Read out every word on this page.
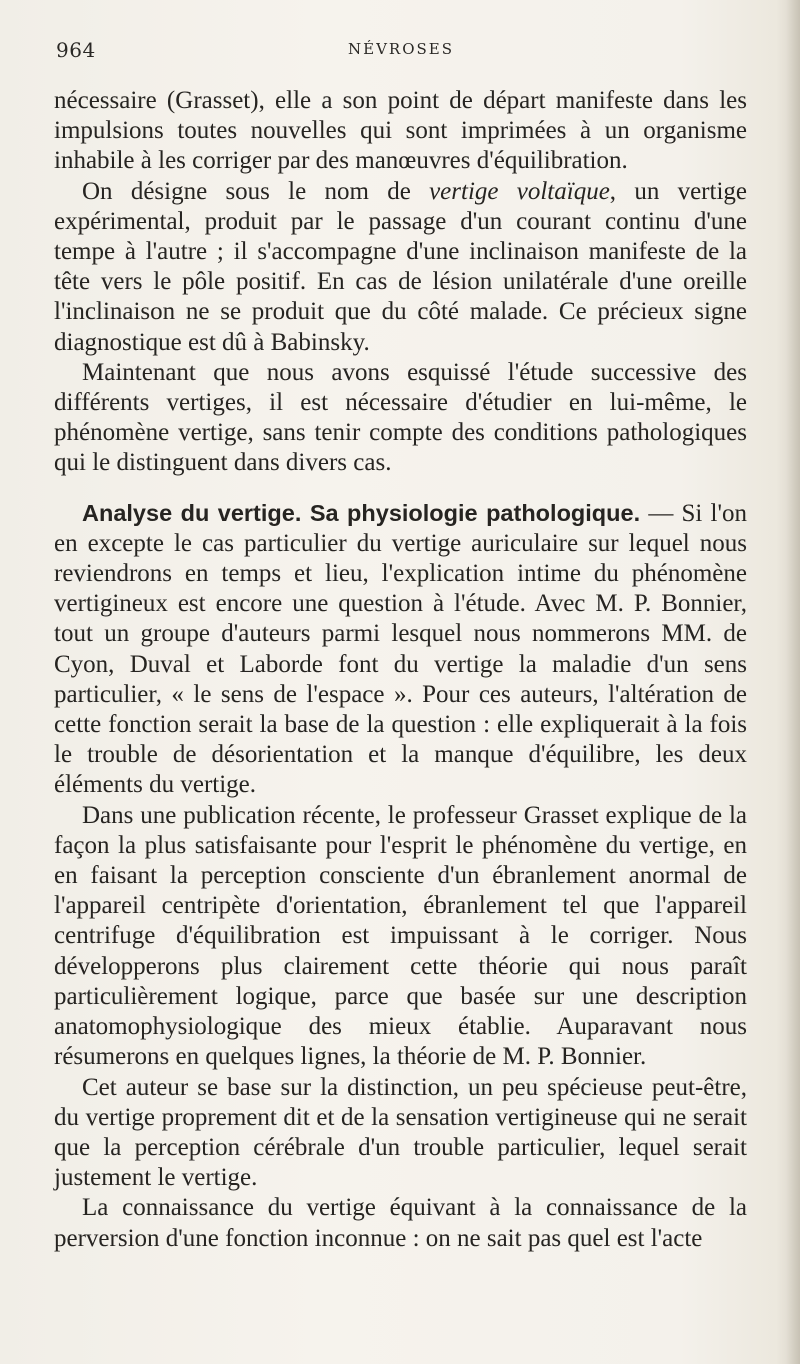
964	NÉVROSES

nécessaire (Grasset), elle a son point de départ manifeste dans les impulsions toutes nouvelles qui sont imprimées à un organisme inhabile à les corriger par des manœuvres d'équilibration.

On désigne sous le nom de vertige voltaïque, un vertige expérimental, produit par le passage d'un courant continu d'une tempe à l'autre ; il s'accompagne d'une inclinaison manifeste de la tête vers le pôle positif. En cas de lésion unilatérale d'une oreille l'inclinaison ne se produit que du côté malade. Ce précieux signe diagnostique est dû à Babinsky.

Maintenant que nous avons esquissé l'étude successive des différents vertiges, il est nécessaire d'étudier en lui-même, le phénomène vertige, sans tenir compte des conditions pathologiques qui le distinguent dans divers cas.

Analyse du vertige. Sa physiologie pathologique. — Si l'on en excepte le cas particulier du vertige auriculaire sur lequel nous reviendrons en temps et lieu, l'explication intime du phénomène vertigineux est encore une question à l'étude. Avec M. P. Bonnier, tout un groupe d'auteurs parmi lesquel nous nommerons MM. de Cyon, Duval et Laborde font du vertige la maladie d'un sens particulier, « le sens de l'espace ». Pour ces auteurs, l'altération de cette fonction serait la base de la question : elle expliquerait à la fois le trouble de désorientation et la manque d'équilibre, les deux éléments du vertige.

Dans une publication récente, le professeur Grasset explique de la façon la plus satisfaisante pour l'esprit le phénomène du vertige, en en faisant la perception consciente d'un ébranlement anormal de l'appareil centripète d'orientation, ébranlement tel que l'appareil centrifuge d'équilibration est impuissant à le corriger. Nous développerons plus clairement cette théorie qui nous paraît particulièrement logique, parce que basée sur une description anatomophysiologique des mieux établie. Auparavant nous résumerons en quelques lignes, la théorie de M. P. Bonnier.

Cet auteur se base sur la distinction, un peu spécieuse peut-être, du vertige proprement dit et de la sensation vertigineuse qui ne serait que la perception cérébrale d'un trouble particulier, lequel serait justement le vertige.

La connaissance du vertige équivant à la connaissance de la perversion d'une fonction inconnue : on ne sait pas quel est l'acte
